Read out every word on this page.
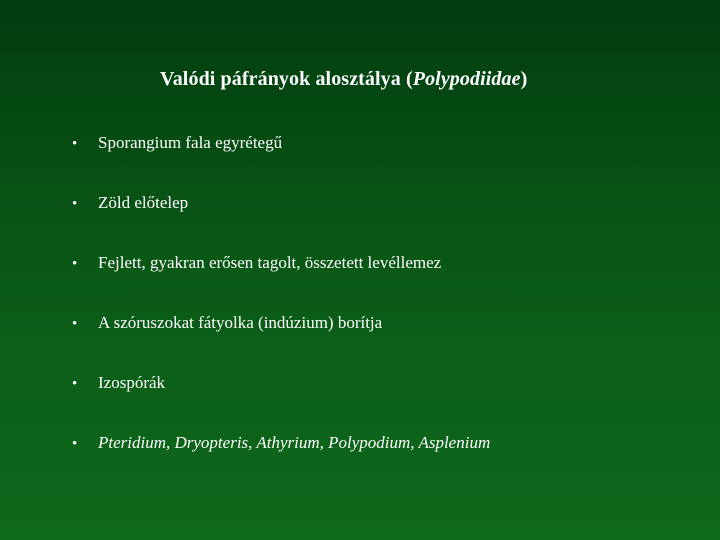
Valódi páfrányok alosztálya (Polypodiidae)
•	Sporangium fala egyrétegű
•	Zöld előtelep
•	Fejlett, gyakran erősen tagolt, összetett levéllemez
•	A szóruszokat fátyolka (indúzium) borítja
•	Izospórák
•	Pteridium, Dryopteris, Athyrium, Polypodium, Asplenium
